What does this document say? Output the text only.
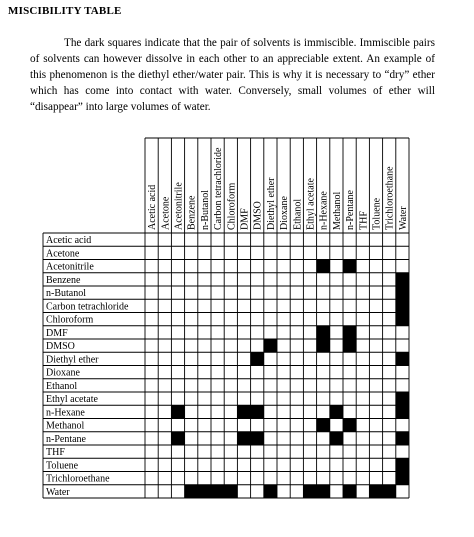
MISCIBILITY TABLE

The dark squares indicate that the pair of solvents is immiscible. Immiscible pairs of solvents can however dissolve in each other to an appreciable extent. An example of this phenomenon is the diethyl ether/water pair. This is why it is necessary to “dry” ether which has come into contact with water. Conversely, small volumes of ether will “disappear” into large volumes of water.

Acetic acid
Acetone
Acetonitrile
Benzene
n-Butanol
Carbon tetrachloride
Chloroform
DMF
DMSO
Diethyl ether
Dioxane
Ethanol
Ethyl acetate
n-Hexane
Methanol
n-Pentane
THF
Toluene
Trichloroethane
Water
Acetic acid Acetone Acetonitrile Benzene n-Butanol Carbon tetrachloride Chloroform DMF DMSO Diethyl ether Dioxane Ethanol Ethyl acetate n-Hexane Methanol n-Pentane THF Toluene Trichloroethane Water
